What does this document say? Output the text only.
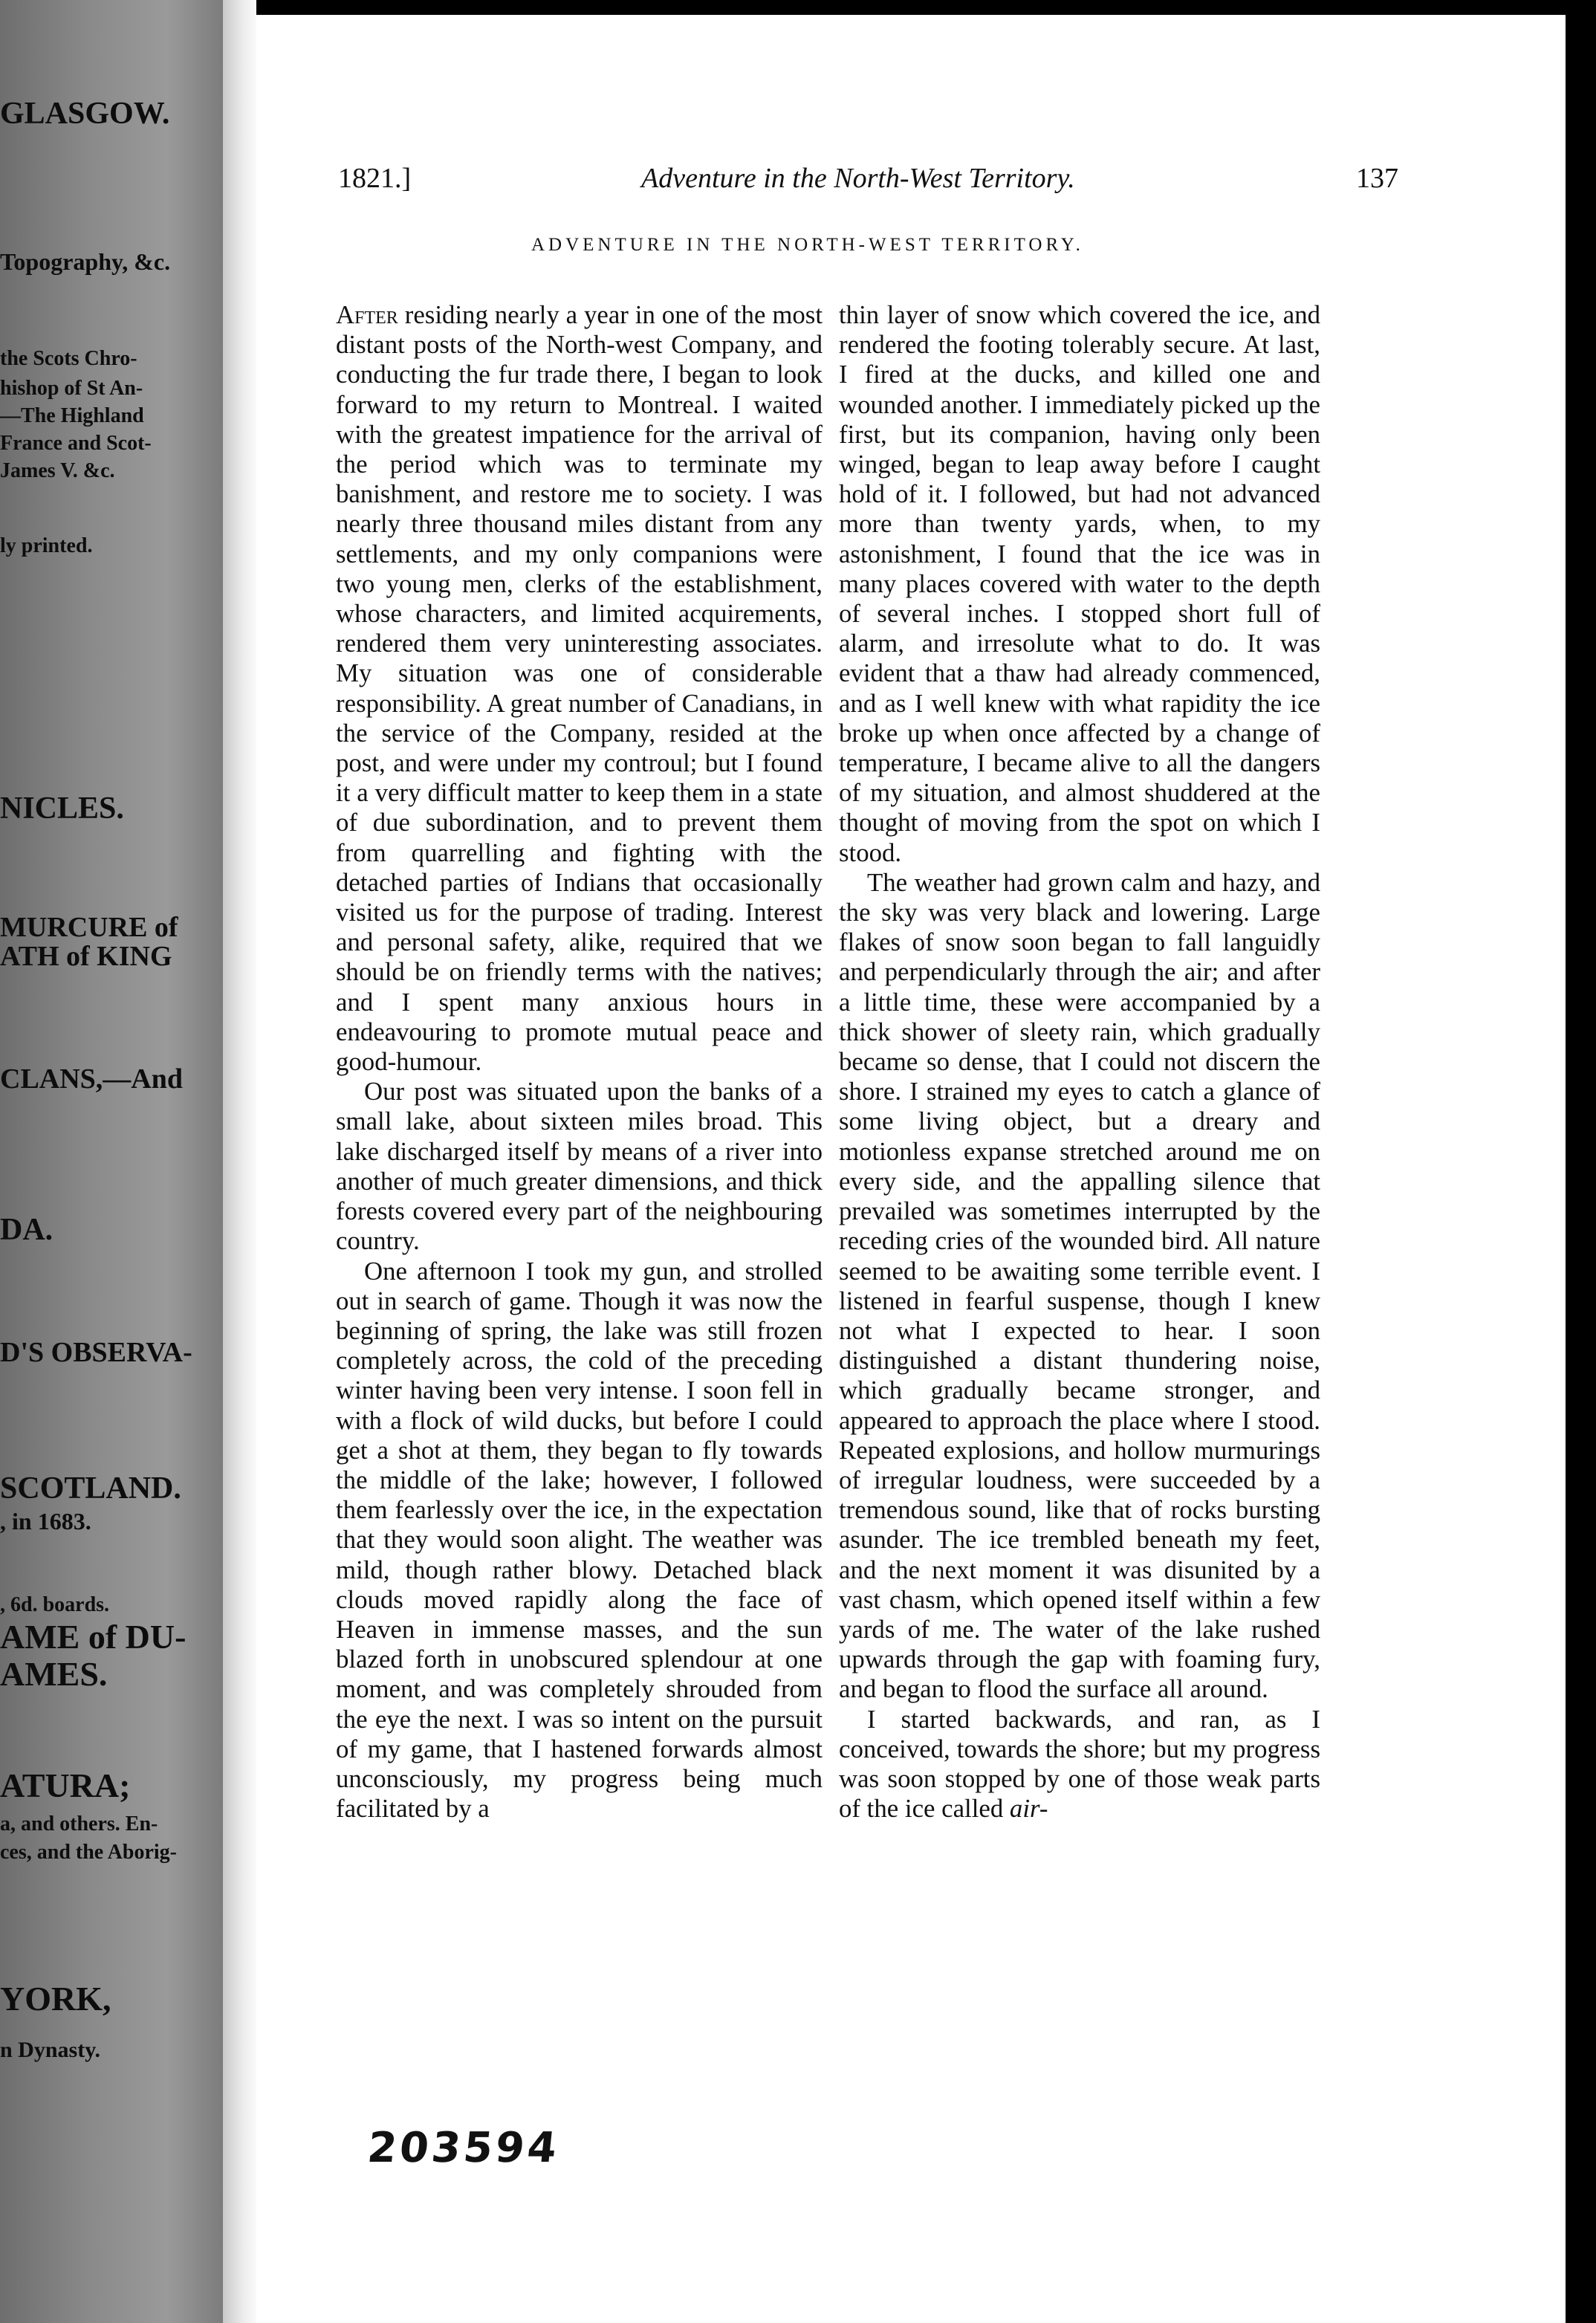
GLASGOW.
Topography, &c.
the Scots Chro-
hishop of St An-
—The Highland
France and Scot-
James V. &c.
ly printed.
NICLES.
MURCURE of
ATH of KING
CLANS,—And
DA.
D'S OBSERVA-
SCOTLAND.
, in 1683.
, 6d. boards.
AME of DU-
AMES.
ATURA;
a, and others. En-
ces, and the Aborig-
YORK,
n Dynasty.
1821.]	Adventure in the North-West Territory.	137
ADVENTURE IN THE NORTH-WEST TERRITORY.

After residing nearly a year in one of the most distant posts of the North-west Company, and conducting the fur trade there, I began to look forward to my return to Montreal. I waited with the greatest impatience for the arrival of the period which was to terminate my banishment, and restore me to society. I was nearly three thousand miles distant from any settlements, and my only companions were two young men, clerks of the establishment, whose characters, and limited acquirements, rendered them very uninteresting associates. My situation was one of considerable responsibility. A great number of Canadians, in the service of the Company, resided at the post, and were under my controul; but I found it a very difficult matter to keep them in a state of due subordination, and to prevent them from quarrelling and fighting with the detached parties of Indians that occasionally visited us for the purpose of trading. Interest and personal safety, alike, required that we should be on friendly terms with the natives; and I spent many anxious hours in endeavouring to promote mutual peace and good-humour.

Our post was situated upon the banks of a small lake, about sixteen miles broad. This lake discharged itself by means of a river into another of much greater dimensions, and thick forests covered every part of the neighbouring country.

One afternoon I took my gun, and strolled out in search of game. Though it was now the beginning of spring, the lake was still frozen completely across, the cold of the preceding winter having been very intense. I soon fell in with a flock of wild ducks, but before I could get a shot at them, they began to fly towards the middle of the lake; however, I followed them fearlessly over the ice, in the expectation that they would soon alight. The weather was mild, though rather blowy. Detached black clouds moved rapidly along the face of Heaven in immense masses, and the sun blazed forth in unobscured splendour at one moment, and was completely shrouded from the eye the next. I was so intent on the pursuit of my game, that I hastened forwards almost unconsciously, my progress being much facilitated by a

thin layer of snow which covered the ice, and rendered the footing tolerably secure. At last, I fired at the ducks, and killed one and wounded another. I immediately picked up the first, but its companion, having only been winged, began to leap away before I caught hold of it. I followed, but had not advanced more than twenty yards, when, to my astonishment, I found that the ice was in many places covered with water to the depth of several inches. I stopped short full of alarm, and irresolute what to do. It was evident that a thaw had already commenced, and as I well knew with what rapidity the ice broke up when once affected by a change of temperature, I became alive to all the dangers of my situation, and almost shuddered at the thought of moving from the spot on which I stood.

The weather had grown calm and hazy, and the sky was very black and lowering. Large flakes of snow soon began to fall languidly and perpendicularly through the air; and after a little time, these were accompanied by a thick shower of sleety rain, which gradually became so dense, that I could not discern the shore. I strained my eyes to catch a glance of some living object, but a dreary and motionless expanse stretched around me on every side, and the appalling silence that prevailed was sometimes interrupted by the receding cries of the wounded bird. All nature seemed to be awaiting some terrible event. I listened in fearful suspense, though I knew not what I expected to hear. I soon distinguished a distant thundering noise, which gradually became stronger, and appeared to approach the place where I stood. Repeated explosions, and hollow murmurings of irregular loudness, were succeeded by a tremendous sound, like that of rocks bursting asunder. The ice trembled beneath my feet, and the next moment it was disunited by a vast chasm, which opened itself within a few yards of me. The water of the lake rushed upwards through the gap with foaming fury, and began to flood the surface all around.

I started backwards, and ran, as I conceived, towards the shore; but my progress was soon stopped by one of those weak parts of the ice called air-

203594
